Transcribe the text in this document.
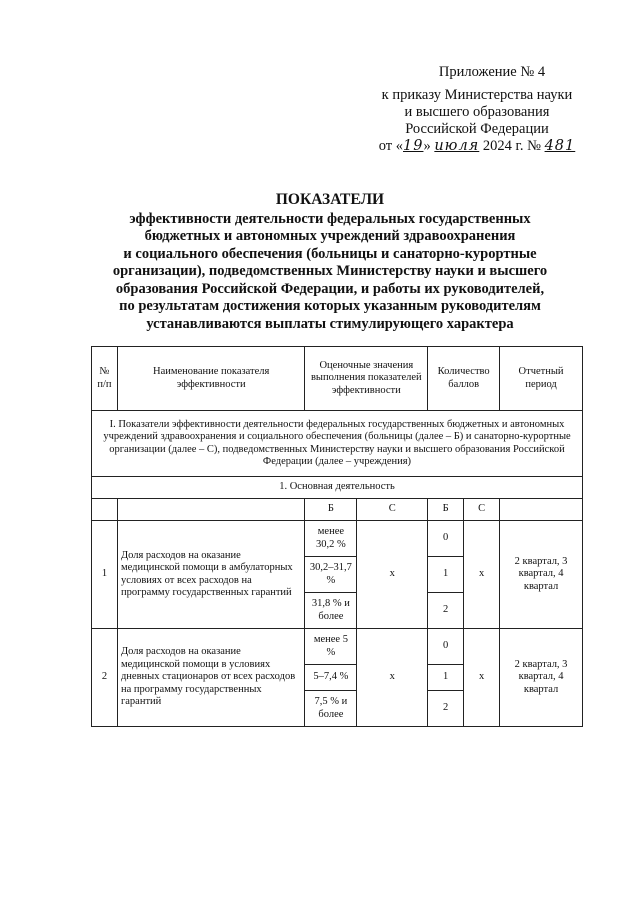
Приложение № 4
к приказу Министерства науки
и высшего образования
Российской Федерации
от «19» июля 2024 г. № 481
ПОКАЗАТЕЛИ
эффективности деятельности федеральных государственных
бюджетных и автономных учреждений здравоохранения
и социального обеспечения (больницы и санаторно-курортные
организации), подведомственных Министерству науки и высшего
образования Российской Федерации, и работы их руководителей,
по результатам достижения которых указанным руководителям
устанавливаются выплаты стимулирующего характера
№
п/п	Наименование показателя эффективности	Оценочные значения выполнения показателей эффективности		Количество баллов		Отчетный период
I. Показатели эффективности деятельности федеральных государственных бюджетных и автономных учреждений здравоохранения и социального обеспечения (больницы (далее – Б) и санаторно-курортные организации (далее – С), подведомственных Министерству науки и высшего образования Российской Федерации (далее – учреждения)						
1. Основная деятельность						
		Б	С	Б	С	
1	Доля расходов на оказание медицинской помощи в амбулаторных условиях от всех расходов на программу государственных гарантий	менее 30,2 %	х	0	х	2 квартал, 3 квартал, 4 квартал
		30,2–31,7 %		1		
		31,8 % и более		2		
2	Доля расходов на оказание медицинской помощи в условиях дневных стационаров от всех расходов на программу государственных гарантий	менее 5 %	х	0	х	2 квартал, 3 квартал, 4 квартал
		5–7,4 %		1		
		7,5 % и более		2		
